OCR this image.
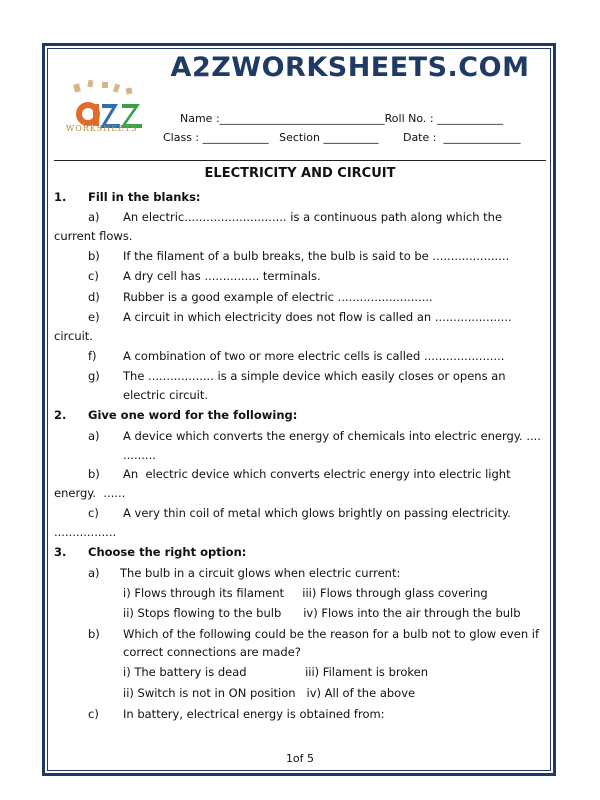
A2ZWORKSHEETS.COM
WORKSHEETS
Name :______________________________Roll No. : ____________
Class : ____________   Section __________       Date :  ______________
ELECTRICITY AND CIRCUIT
1. Fill in the blanks:
a) An electric............................ is a continuous path along which the
current flows.
b) If the filament of a bulb breaks, the bulb is said to be .....................
c) A dry cell has ............... terminals.
d) Rubber is a good example of electric ..........................
e) A circuit in which electricity does not flow is called an .....................
circuit.
f) A combination of two or more electric cells is called ......................
g) The .................. is a simple device which easily closes or opens an
electric circuit.
2. Give one word for the following:
a) A device which converts the energy of chemicals into electric energy. ....
.........
b) An  electric device which converts electric energy into electric light
energy.  ......
c) A very thin coil of metal which glows brightly on passing electricity.
.................
3. Choose the right option:
a) The bulb in a circuit glows when electric current:
i) Flows through its filament     iii) Flows through glass covering
ii) Stops flowing to the bulb      iv) Flows into the air through the bulb
b) Which of the following could be the reason for a bulb not to glow even if
correct connections are made?
i) The battery is dead                iii) Filament is broken
ii) Switch is not in ON position   iv) All of the above
c) In battery, electrical energy is obtained from:
1of 5
